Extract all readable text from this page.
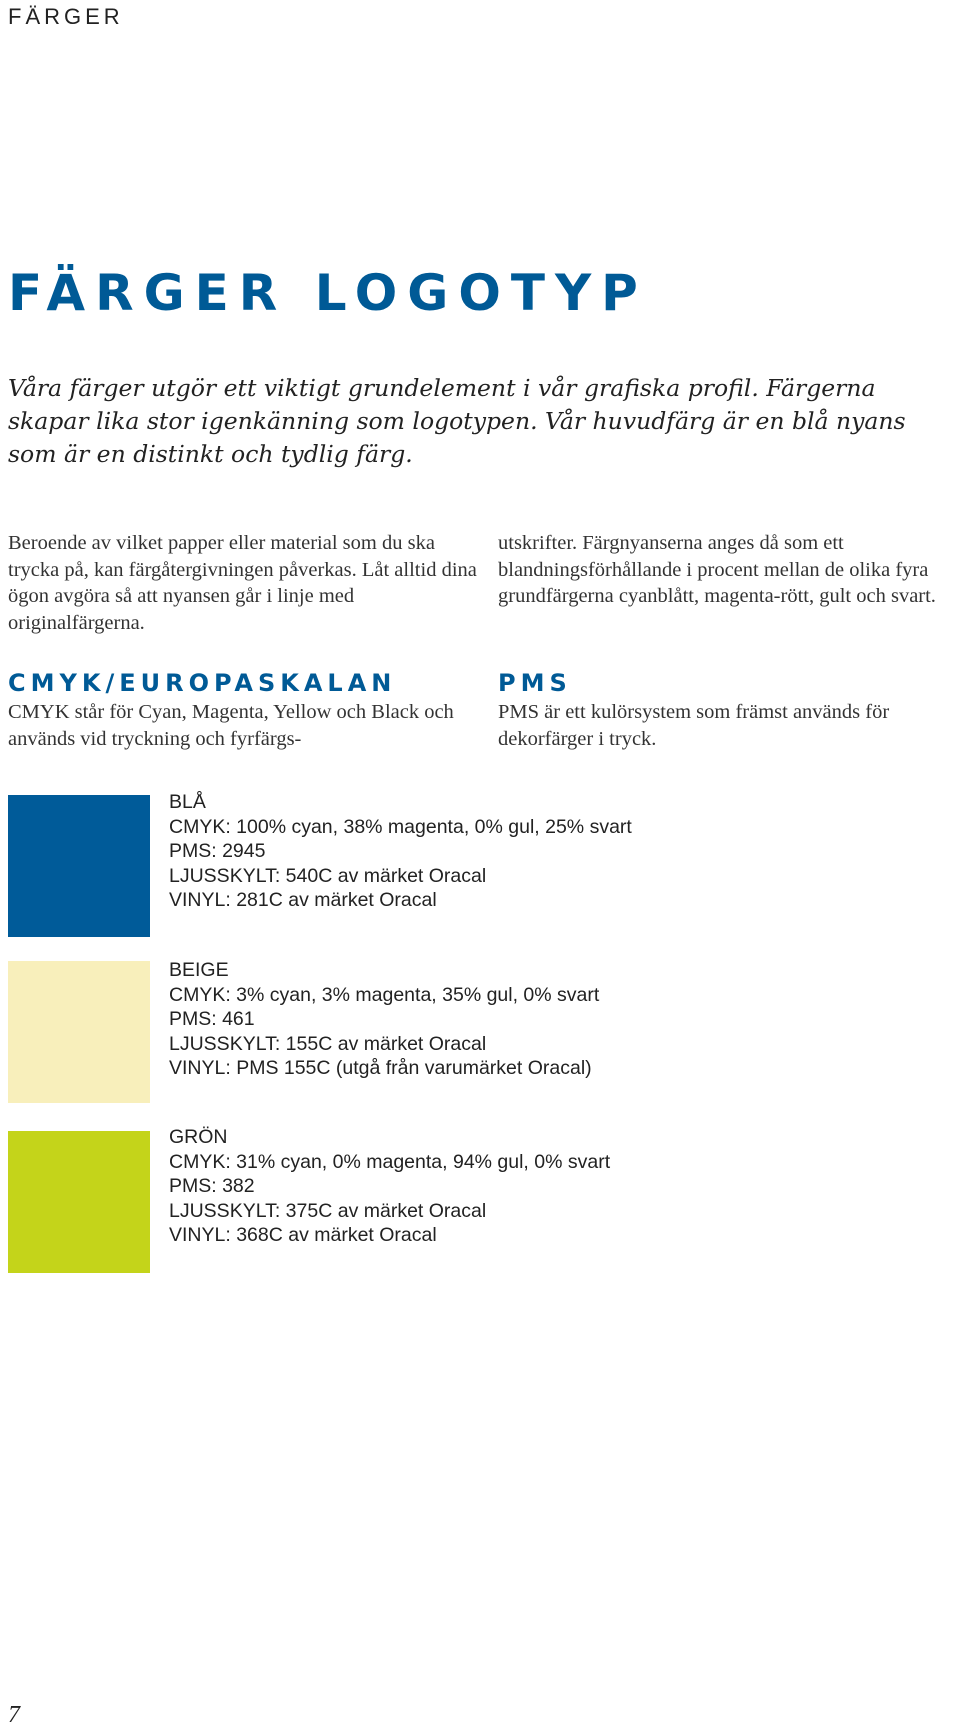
FÄRGER
FÄRGER LOGOTYP

Våra färger utgör ett viktigt grundelement i vår grafiska profil. Färgerna skapar lika stor igenkänning som logotypen. Vår huvudfärg är en blå nyans som är en distinkt och tydlig färg.

Beroende av vilket papper eller material som du ska trycka på, kan färgåtergivningen påverkas. Låt alltid dina ögon avgöra så att nyansen går i linje med originalfärgerna.

utskrifter. Färgnyanserna anges då som ett blandningsförhållande i procent mellan de olika fyra grundfärgerna cyanblått, magenta-rött, gult och svart.

CMYK/EUROPASKALAN

CMYK står för Cyan, Magenta, Yellow och Black och används vid tryckning och fyrfärgs-

PMS

PMS är ett kulörsystem som främst används för dekorfärger i tryck.

BLÅ
CMYK: 100% cyan, 38% magenta, 0% gul, 25% svart
PMS: 2945
LJUSSKYLT: 540C av märket Oracal
VINYL: 281C av märket Oracal
BEIGE
CMYK: 3% cyan, 3% magenta, 35% gul, 0% svart
PMS: 461
LJUSSKYLT: 155C av märket Oracal
VINYL: PMS 155C (utgå från varumärket Oracal)
GRÖN
CMYK: 31% cyan, 0% magenta, 94% gul, 0% svart
PMS: 382
LJUSSKYLT: 375C av märket Oracal
VINYL: 368C av märket Oracal
7
